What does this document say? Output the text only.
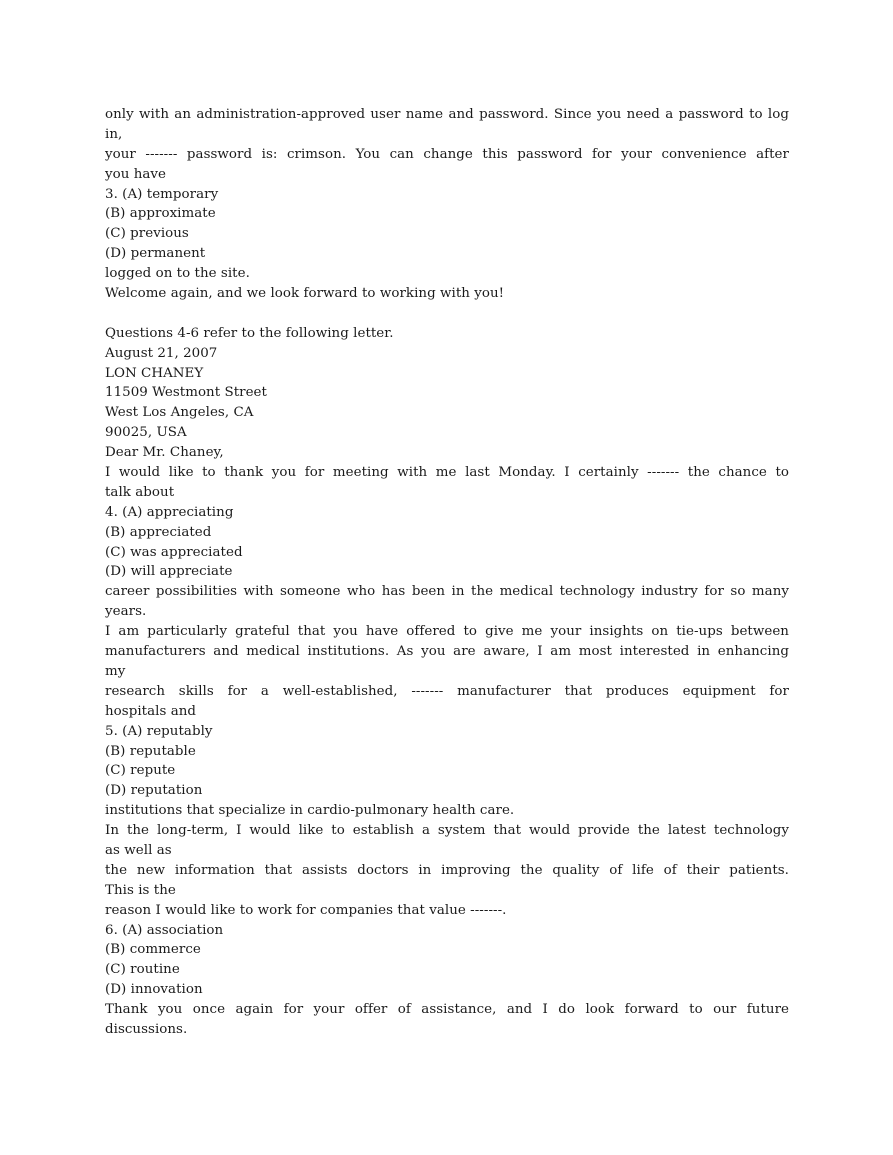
only with an administration-approved user name and password. Since you need a password to log
in,
your ------- password is: crimson. You can change this password for your convenience after
you have
3. (A) temporary
(B) approximate
(C) previous
(D) permanent
logged on to the site.
Welcome again, and we look forward to working with you!
Questions 4-6 refer to the following letter.
August 21, 2007
LON CHANEY
11509 Westmont Street
West Los Angeles, CA
90025, USA
Dear Mr. Chaney,
I would like to thank you for meeting with me last Monday. I certainly ------- the chance to
talk about
4. (A) appreciating
(B) appreciated
(C) was appreciated
(D) will appreciate
career possibilities with someone who has been in the medical technology industry for so many
years.
I am particularly grateful that you have offered to give me your insights on tie-ups between
manufacturers and medical institutions. As you are aware, I am most interested in enhancing
my
research skills for a well-established, ------- manufacturer that produces equipment for
hospitals and
5. (A) reputably
(B) reputable
(C) repute
(D) reputation
institutions that specialize in cardio-pulmonary health care.
In the long-term, I would like to establish a system that would provide the latest technology
as well as
the new information that assists doctors in improving the quality of life of their patients.
This is the
reason I would like to work for companies that value -------.
6. (A) association
(B) commerce
(C) routine
(D) innovation
Thank you once again for your offer of assistance, and I do look forward to our future
discussions.
